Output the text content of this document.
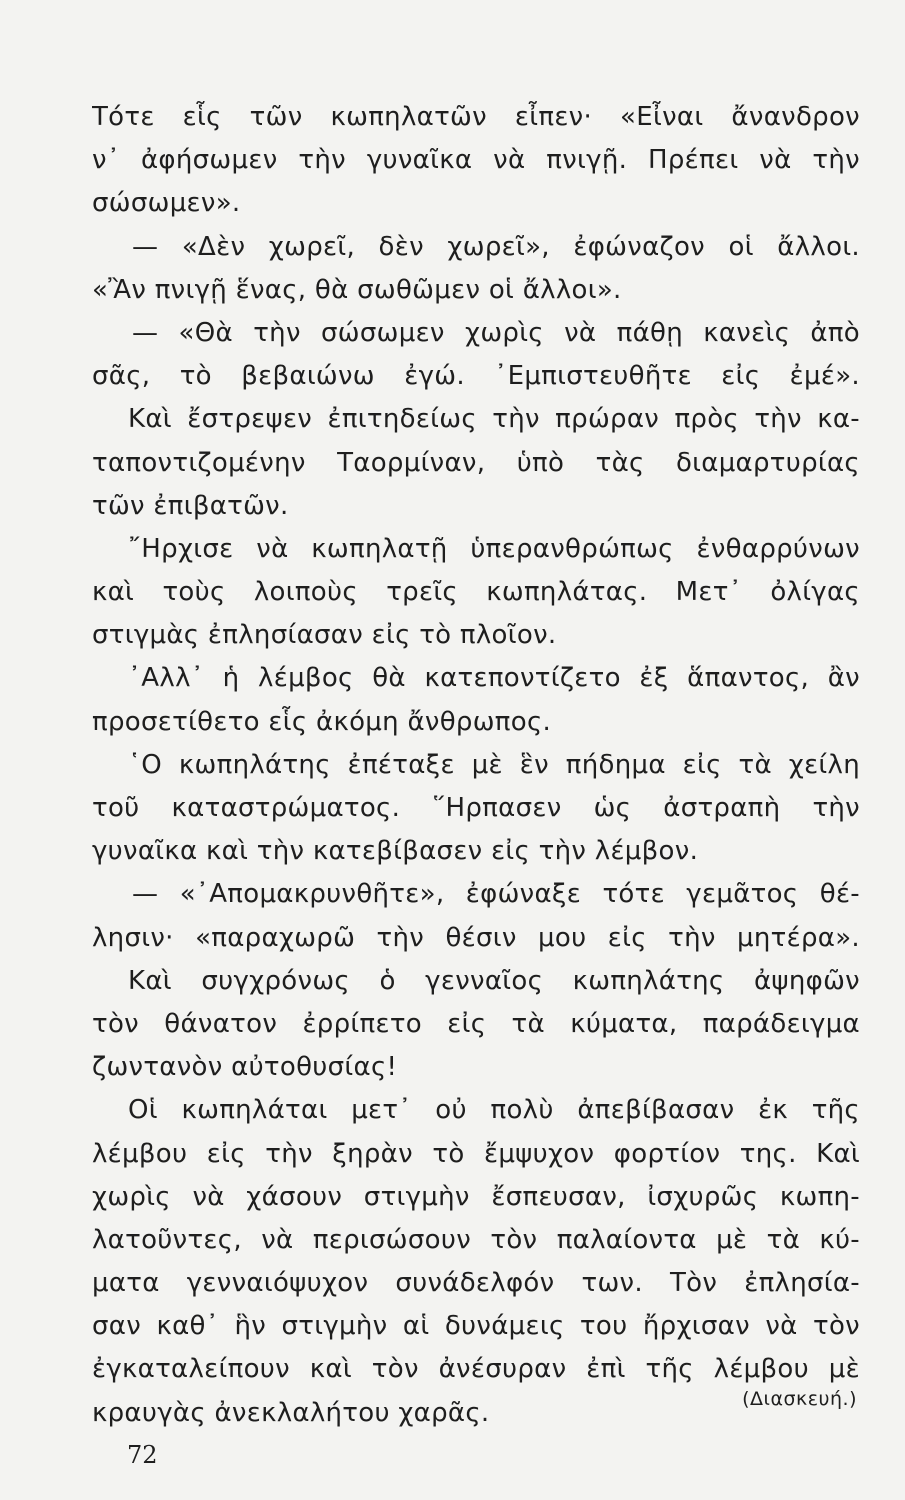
Τότε εἷς τῶν κωπηλατῶν εἶπεν· «Εἶναι ἄνανδρον
ν᾽ ἀφήσωμεν τὴν γυναῖκα νὰ πνιγῇ. Πρέπει νὰ τὴν
σώσωμεν».
— «Δὲν χωρεῖ, δὲν χωρεῖ», ἐφώναζον οἱ ἄλλοι.
«Ἂν πνιγῇ ἕνας, θὰ σωθῶμεν οἱ ἄλλοι».
— «Θὰ τὴν σώσωμεν χωρὶς νὰ πάθῃ κανεὶς ἀπὸ
σᾶς, τὸ βεβαιώνω ἐγώ. ᾿Εμπιστευθῆτε εἰς ἐμέ».
Καὶ ἔστρεψεν ἐπιτηδείως τὴν πρώραν πρὸς τὴν κα-
ταποντιζομένην Ταορμίναν, ὑπὸ τὰς διαμαρτυρίας
τῶν ἐπιβατῶν.
῎Ηρχισε νὰ κωπηλατῇ ὑπερανθρώπως ἐνθαρρύνων
καὶ τοὺς λοιποὺς τρεῖς κωπηλάτας. Μετ᾽ ὀλίγας
στιγμὰς ἐπλησίασαν εἰς τὸ πλοῖον.
᾿Αλλ᾽ ἡ λέμβος θὰ κατεποντίζετο ἐξ ἅπαντος, ἂν
προσετίθετο εἷς ἀκόμη ἄνθρωπος.
῾Ο κωπηλάτης ἐπέταξε μὲ ἓν πήδημα εἰς τὰ χείλη
τοῦ καταστρώματος. ῞Ηρπασεν ὡς ἀστραπὴ τὴν
γυναῖκα καὶ τὴν κατεβίβασεν εἰς τὴν λέμβον.
— «᾿Απομακρυνθῆτε», ἐφώναξε τότε γεμᾶτος θέ-
λησιν· «παραχωρῶ τὴν θέσιν μου εἰς τὴν μητέρα».
Καὶ συγχρόνως ὁ γενναῖος κωπηλάτης ἀψηφῶν
τὸν θάνατον ἐρρίπετο εἰς τὰ κύματα, παράδειγμα
ζωντανὸν αὐτοθυσίας!
Οἱ κωπηλάται μετ᾽ οὐ πολὺ ἀπεβίβασαν ἐκ τῆς
λέμβου εἰς τὴν ξηρὰν τὸ ἔμψυχον φορτίον της. Καὶ
χωρὶς νὰ χάσουν στιγμὴν ἔσπευσαν, ἰσχυρῶς κωπη-
λατοῦντες, νὰ περισώσουν τὸν παλαίοντα μὲ τὰ κύ-
ματα γενναιόψυχον συνάδελφόν των. Τὸν ἐπλησία-
σαν καθ᾽ ἣν στιγμὴν αἱ δυνάμεις του ἤρχισαν νὰ τὸν
ἐγκαταλείπουν καὶ τὸν ἀνέσυραν ἐπὶ τῆς λέμβου μὲ
κραυγὰς ἀνεκλαλήτου χαρᾶς.	(Διασκευή.)
72
